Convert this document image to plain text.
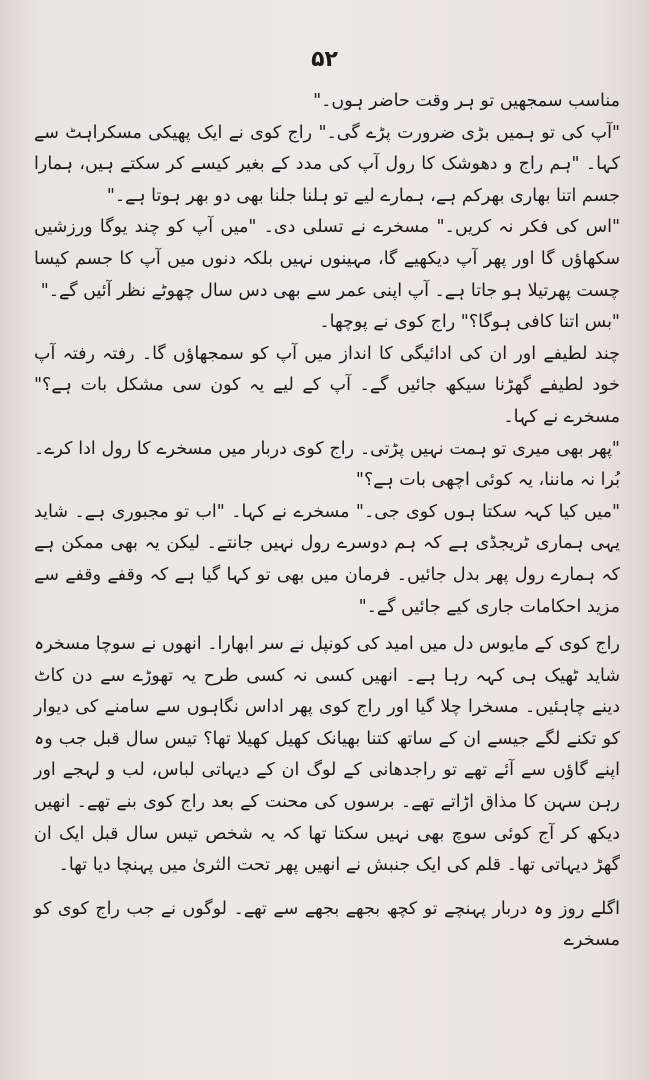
۵۲

مناسب سمجھیں تو ہر وقت حاضر ہوں۔"

"آپ کی تو ہمیں بڑی ضرورت پڑے گی۔" راج کوی نے ایک پھیکی مسکراہٹ سے کہا۔ "ہم راج و دھوشک کا رول آپ کی مدد کے بغیر کیسے کر سکتے ہیں، ہمارا جسم اتنا بھاری بھرکم ہے، ہمارے لیے تو ہلنا جلنا بھی دو بھر ہوتا ہے۔"

"اس کی فکر نہ کریں۔" مسخرے نے تسلی دی۔ "میں آپ کو چند یوگا ورزشیں سکھاؤں گا اور پھر آپ دیکھیے گا، مہینوں نہیں بلکہ دنوں میں آپ کا جسم کیسا چست پھرتیلا ہو جاتا ہے۔ آپ اپنی عمر سے بھی دس سال چھوٹے نظر آئیں گے۔"

"بس اتنا کافی ہوگا؟" راج کوی نے پوچھا۔

چند لطیفے اور ان کی ادائیگی کا انداز میں آپ کو سمجھاؤں گا۔ رفتہ رفتہ آپ خود لطیفے گھڑنا سیکھ جائیں گے۔ آپ کے لیے یہ کون سی مشکل بات ہے؟" مسخرے نے کہا۔

"پھر بھی میری تو ہمت نہیں پڑتی۔ راج کوی دربار میں مسخرے کا رول ادا کرے۔ بُرا نہ ماننا، یہ کوئی اچھی بات ہے؟"

"میں کیا کہہ سکتا ہوں کوی جی۔" مسخرے نے کہا۔ "اب تو مجبوری ہے۔ شاید یہی ہماری ٹریجڈی ہے کہ ہم دوسرے رول نہیں جانتے۔ لیکن یہ بھی ممکن ہے کہ ہمارے رول پھر بدل جائیں۔ فرمان میں بھی تو کہا گیا ہے کہ وقفے وقفے سے مزید احکامات جاری کیے جائیں گے۔"

راج کوی کے مایوس دل میں امید کی کونپل نے سر ابھارا۔ انھوں نے سوچا مسخرہ شاید ٹھیک ہی کہہ رہا ہے۔ انھیں کسی نہ کسی طرح یہ تھوڑے سے دن کاٹ دینے چاہئیں۔ مسخرا چلا گیا اور راج کوی پھر اداس نگاہوں سے سامنے کی دیوار کو تکنے لگے جیسے ان کے ساتھ کتنا بھیانک کھیل کھیلا تھا؟ تیس سال قبل جب وہ اپنے گاؤں سے آئے تھے تو راجدھانی کے لوگ ان کے دیہاتی لباس، لب و لہجے اور رہن سہن کا مذاق اڑاتے تھے۔ برسوں کی محنت کے بعد راج کوی بنے تھے۔ انھیں دیکھ کر آج کوئی سوچ بھی نہیں سکتا تھا کہ یہ شخص تیس سال قبل ایک ان گھڑ دیہاتی تھا۔ قلم کی ایک جنبش نے انھیں پھر تحت الثریٰ میں پہنچا دیا تھا۔

اگلے روز وہ دربار پہنچے تو کچھ بجھے بجھے سے تھے۔ لوگوں نے جب راج کوی کو مسخرے
